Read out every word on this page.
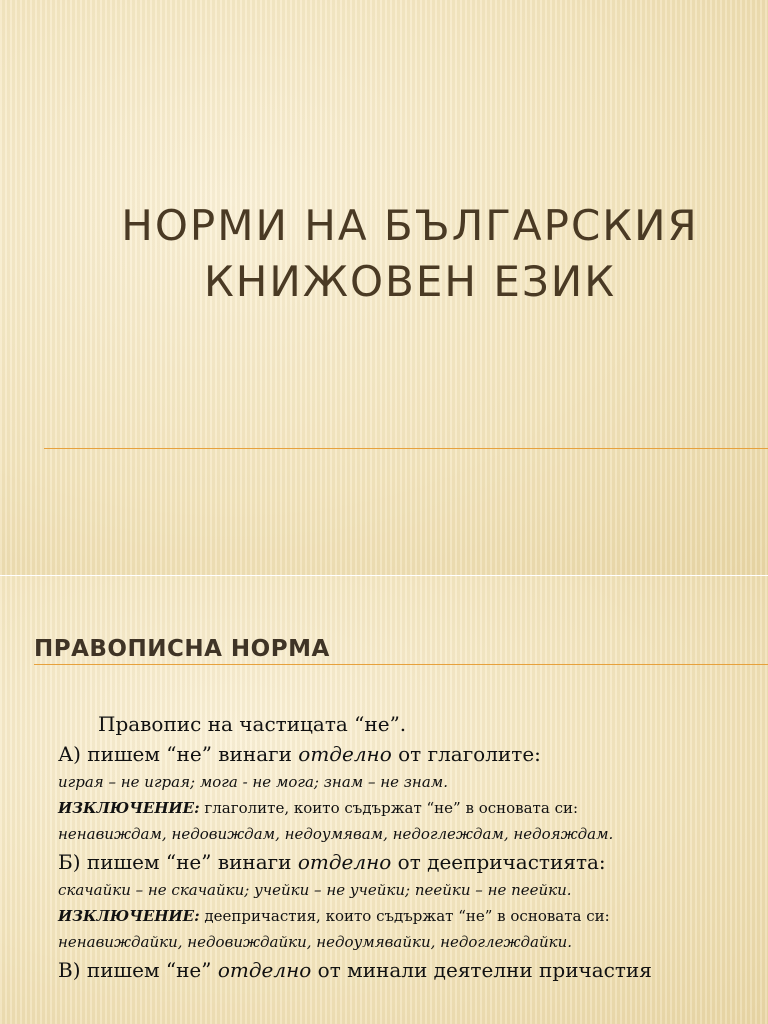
НОРМИ НА БЪЛГАРСКИЯ
КНИЖОВЕН ЕЗИК
ПРАВОПИСНА НОРМА
Правопис на частицата “не”.
А) пишем “не” винаги отделно от глаголите:
играя – не играя; мога - не мога; знам – не знам.
ИЗКЛЮЧЕНИЕ: глаголите, които съдържат “не” в основата си:
ненавиждам, недовиждам, недоумявам, недоглеждам, недояждам.
Б) пишем “не” винаги отделно от деепричастията:
скачайки – не скачайки; учейки – не учейки; пеейки – не пеейки.
ИЗКЛЮЧЕНИЕ: деепричастия, които съдържат “не” в основата си:
ненавиждайки, недовиждайки, недоумявайки, недоглеждайки.
В) пишем “не” отделно от минали деятелни причастия
